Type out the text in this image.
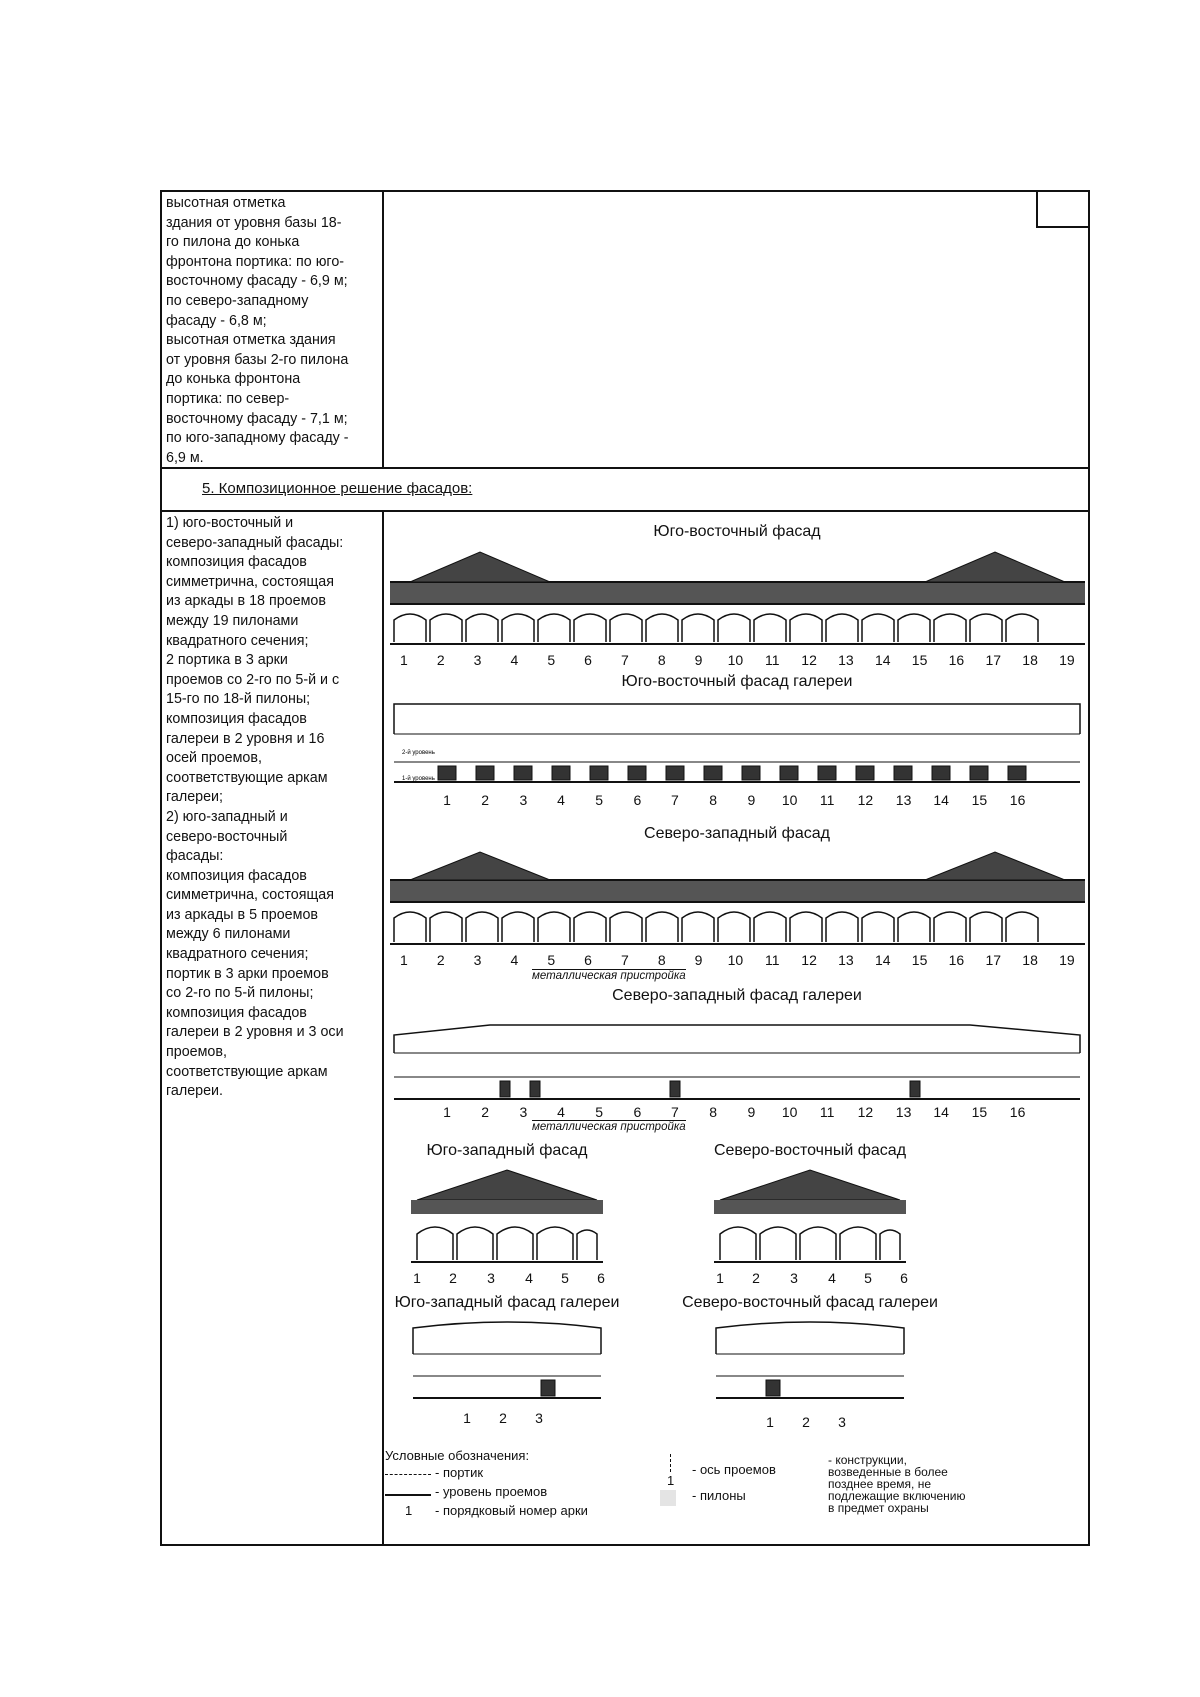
высотная отметка
здания от уровня базы 18-
го пилона до конька
фронтона портика: по юго-
восточному фасаду - 6,9 м;
по северо-западному
фасаду - 6,8 м;
высотная отметка здания
от уровня базы 2-го пилона
до конька фронтона
портика: по север-
восточному фасаду - 7,1 м;
по юго-западному фасаду -
6,9 м.
5. Композиционное решение фасадов:
1) юго-восточный и
северо-западный фасады:
композиция фасадов
симметрична, состоящая
из аркады в 18 проемов
между 19 пилонами
квадратного сечения;
2 портика в 3 арки
проемов со 2-го по 5-й и с
15-го по 18-й пилоны;
композиция фасадов
галереи в 2 уровня и 16
осей проемов,
соответствующие аркам
галереи;
2) юго-западный и
северо-восточный
фасады:
композиция фасадов
симметрична, состоящая
из аркады в 5 проемов
между 6 пилонами
квадратного сечения;
портик в 3 арки проемов
со 2-го по 5-й пилоны;
композиция фасадов
галереи в 2 уровня и 3 оси
проемов,
соответствующие аркам
галереи.
Юго-восточный фасад
1 2 3 4 5 6 7 8 9 10 11 12 13 14 15 16 17 18 19
Юго-восточный фасад галереи
2-й уровень
1-й уровень
1 2 3 4 5 6 7 8 9 10 11 12 13 14 15 16
Северо-западный фасад
1 2 3 4 5 6 7 8 9 10 11 12 13 14 15 16 17 18 19
металлическая пристройка
Северо-западный фасад галереи
1 2 3 4 5 6 7 8 9 10 11 12 13 14 15 16
металлическая пристройка
Юго-западный фасад	Северо-восточный фасад
1 2 3 4 5 6	1 2 3 4 5 6
Юго-западный фасад галереи	Северо-восточный фасад галереи
1 2 3	1 2 3
Условные обозначения:
- портик
- уровень проемов
1 - порядковый номер арки
1
- ось проемов
- пилоны
- конструкции,
возведенные в более
позднее время, не
подлежащие включению
в предмет охраны
